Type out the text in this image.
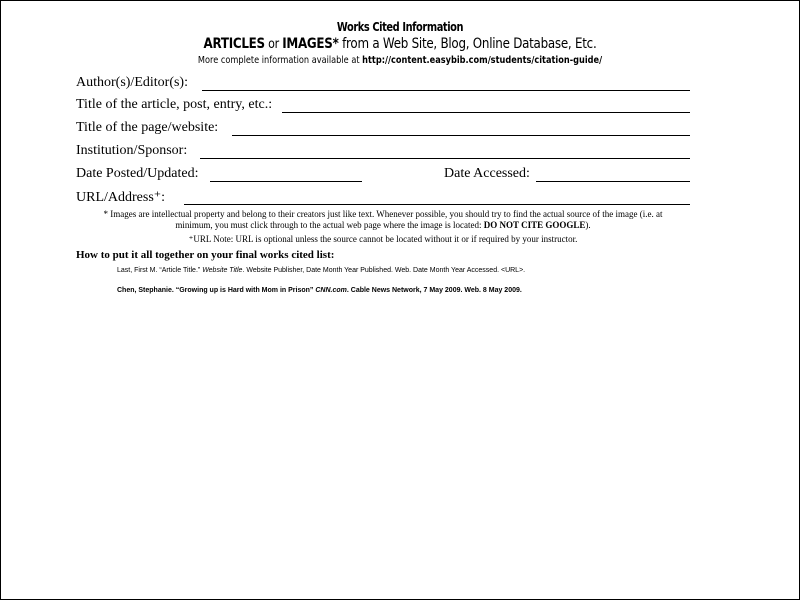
Works Cited Information
ARTICLES or IMAGES* from a Web Site, Blog, Online Database, Etc.
More complete information available at http://content.easybib.com/students/citation-guide/
Author(s)/Editor(s):
Title of the article, post, entry, etc.:
Title of the page/website:
Institution/Sponsor:
Date Posted/Updated:	Date Accessed:
URL/Address⁺:
* Images are intellectual property and belong to their creators just like text. Whenever possible, you should try to find the actual source of the image (i.e. at
minimum, you must click through to the actual web page where the image is located: DO NOT CITE GOOGLE).
⁺URL Note: URL is optional unless the source cannot be located without it or if required by your instructor.
How to put it all together on your final works cited list:
Last, First M. “Article Title.” Website Title. Website Publisher, Date Month Year Published. Web. Date Month Year Accessed. <URL>.
Chen, Stephanie. “Growing up is Hard with Mom in Prison” CNN.com. Cable News Network, 7 May 2009. Web. 8 May 2009.
